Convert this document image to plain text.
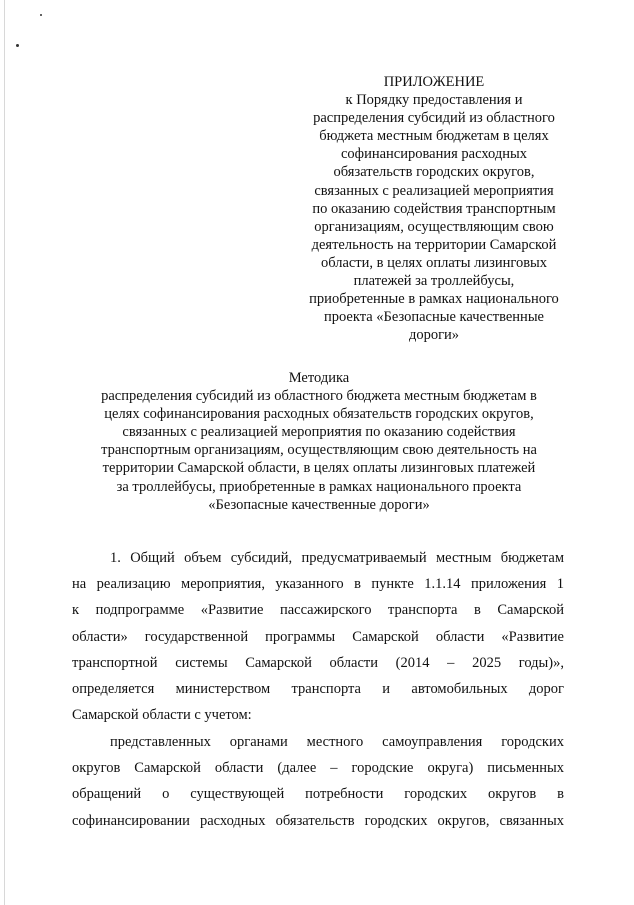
ПРИЛОЖЕНИЕ
к Порядку предоставления и
распределения субсидий из областного
бюджета местным бюджетам в целях
софинансирования расходных
обязательств городских округов,
связанных с реализацией мероприятия
по оказанию содействия транспортным
организациям, осуществляющим свою
деятельность на территории Самарской
области, в целях оплаты лизинговых
платежей за троллейбусы,
приобретенные в рамках национального
проекта «Безопасные качественные
дороги»
Методика
распределения субсидий из областного бюджета местным бюджетам в
целях софинансирования расходных обязательств городских округов,
связанных с реализацией мероприятия по оказанию содействия
транспортным организациям, осуществляющим свою деятельность на
территории Самарской области, в целях оплаты лизинговых платежей
за троллейбусы, приобретенные в рамках национального проекта
«Безопасные качественные дороги»
1. Общий объем субсидий, предусматриваемый местным бюджетам
на реализацию мероприятия, указанного в пункте 1.1.14 приложения 1
к подпрограмме «Развитие пассажирского транспорта в Самарской
области» государственной программы Самарской области «Развитие
транспортной системы Самарской области (2014 – 2025 годы)»,
определяется министерством транспорта и автомобильных дорог
Самарской области с учетом:
представленных органами местного самоуправления городских
округов Самарской области (далее – городские округа) письменных
обращений о существующей потребности городских округов в
софинансировании расходных обязательств городских округов, связанных
